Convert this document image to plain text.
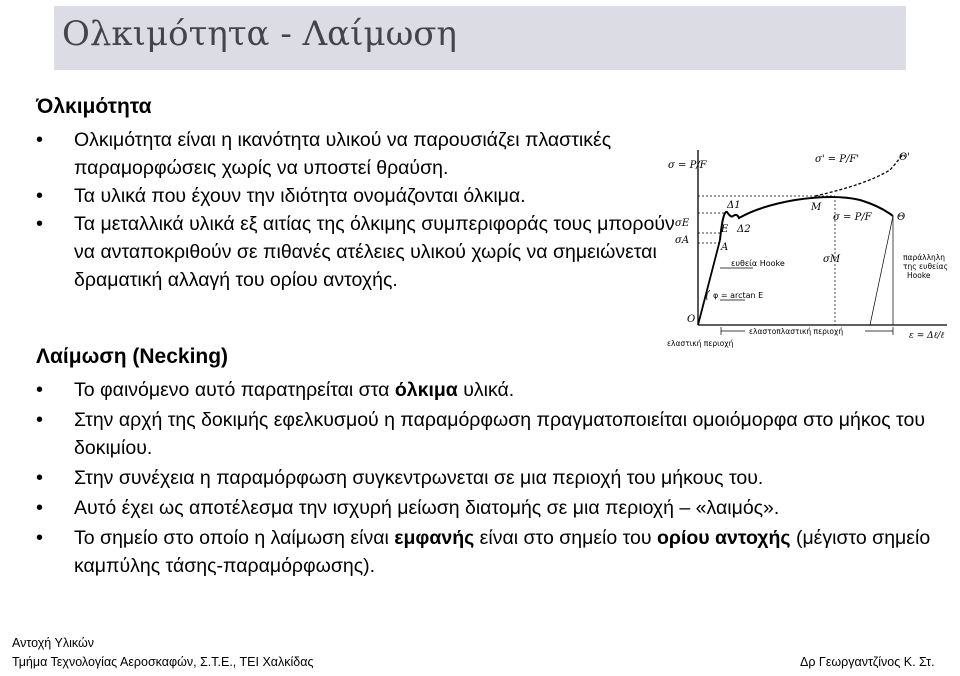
Ολκιμότητα - Λαίμωση
Όλκιμότητα
• Ολκιμότητα είναι η ικανότητα υλικού να παρουσιάζει πλαστικές παραμορφώσεις χωρίς να υποστεί θραύση.
• Τα υλικά που έχουν την ιδιότητα ονομάζονται όλκιμα.
• Τα μεταλλικά υλικά εξ αιτίας της όλκιμης συμπεριφοράς τους μπορούν να ανταποκριθούν σε πιθανές ατέλειες υλικού χωρίς να σημειώνεται δραματική αλλαγή του ορίου αντοχής.
σ = P/F
σ' = P/F'
σ = P/F
σE
σA
σM
A
E
Δ1
Δ2
M
Θ
Θ'
O
ευθεία Hooke
φ = arctan E
παράλληλη
της ευθείας
Hooke
ελαστοπλαστική περιοχή
ελαστική περιοχή
ε = Δℓ/ℓ
Λαίμωση (Necking)
• Το φαινόμενο αυτό παρατηρείται στα όλκιμα υλικά.
• Στην αρχή της δοκιμής εφελκυσμού η παραμόρφωση πραγματοποιείται ομοιόμορφα στο μήκος του δοκιμίου.
• Στην συνέχεια η παραμόρφωση συγκεντρωνεται σε μια περιοχή του μήκους του.
• Αυτό έχει ως αποτέλεσμα την ισχυρή μείωση διατομής σε μια περιοχή – «λαιμός».
• Το σημείο στο οποίο η λαίμωση είναι εμφανής είναι στο σημείο του ορίου αντοχής (μέγιστο σημείο καμπύλης τάσης-παραμόρφωσης).
Αντοχή Υλικών
Τμήμα Τεχνολογίας Αεροσκαφών, Σ.Τ.Ε., ΤΕΙ Χαλκίδας	Δρ Γεωργαντζίνος Κ. Στ.
